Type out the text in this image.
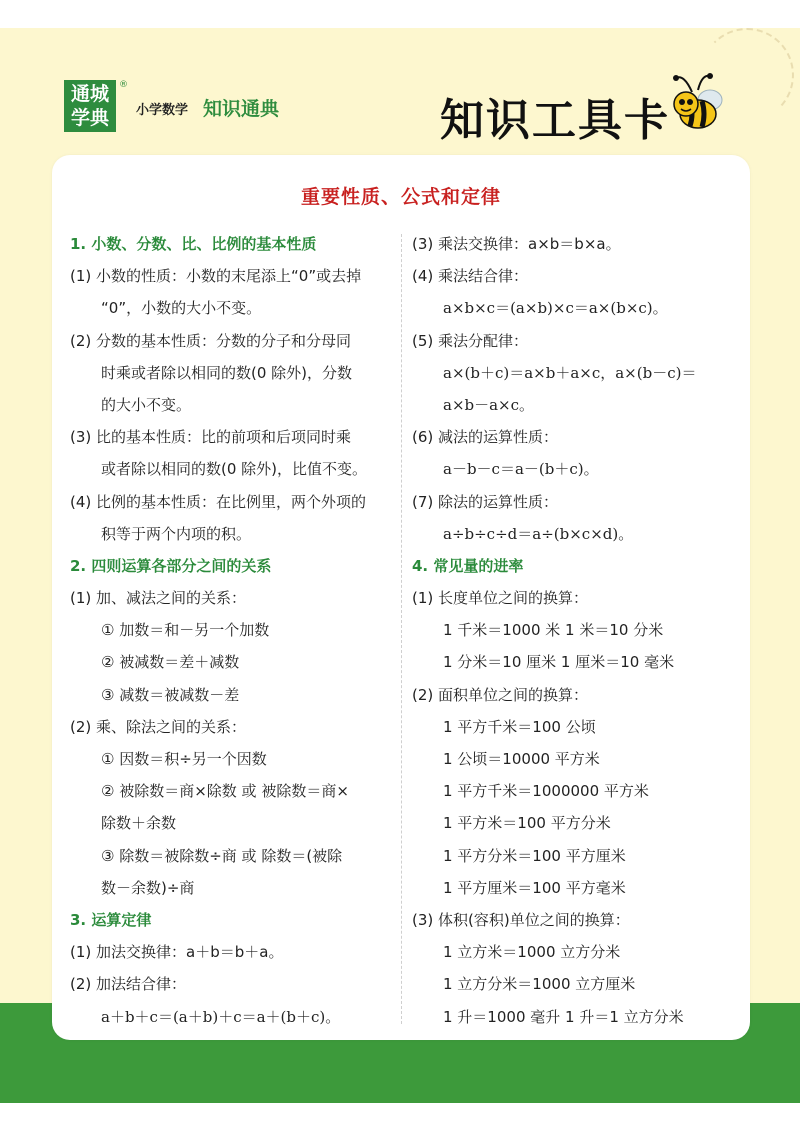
通城
学典
®
小学数学 知识通典	知识工具卡
重要性质、公式和定律
1. 小数、分数、比、比例的基本性质
(1) 小数的性质：小数的末尾添上“0”或去掉
“0”，小数的大小不变。
(2) 分数的基本性质：分数的分子和分母同
时乘或者除以相同的数(0 除外)，分数
的大小不变。
(3) 比的基本性质：比的前项和后项同时乘
或者除以相同的数(0 除外)，比值不变。
(4) 比例的基本性质：在比例里，两个外项的
积等于两个内项的积。
2. 四则运算各部分之间的关系
(1) 加、减法之间的关系：
① 加数＝和－另一个加数
② 被减数＝差＋减数
③ 减数＝被减数－差
(2) 乘、除法之间的关系：
① 因数＝积÷另一个因数
② 被除数＝商×除数 或 被除数＝商×
除数＋余数
③ 除数＝被除数÷商 或 除数＝(被除
数－余数)÷商
3. 运算定律
(1) 加法交换律：a＋b＝b＋a。
(2) 加法结合律：
a＋b＋c＝(a＋b)＋c＝a＋(b＋c)。
(3) 乘法交换律：a×b＝b×a。
(4) 乘法结合律：
a×b×c＝(a×b)×c＝a×(b×c)。
(5) 乘法分配律：
a×(b＋c)＝a×b＋a×c，a×(b－c)＝
a×b－a×c。
(6) 减法的运算性质：
a－b－c＝a－(b＋c)。
(7) 除法的运算性质：
a÷b÷c÷d＝a÷(b×c×d)。
4. 常见量的进率
(1) 长度单位之间的换算：
1 千米＝1000 米 1 米＝10 分米
1 分米＝10 厘米 1 厘米＝10 毫米
(2) 面积单位之间的换算：
1 平方千米＝100 公顷
1 公顷＝10000 平方米
1 平方千米＝1000000 平方米
1 平方米＝100 平方分米
1 平方分米＝100 平方厘米
1 平方厘米＝100 平方毫米
(3) 体积(容积)单位之间的换算：
1 立方米＝1000 立方分米
1 立方分米＝1000 立方厘米
1 升＝1000 毫升 1 升＝1 立方分米
